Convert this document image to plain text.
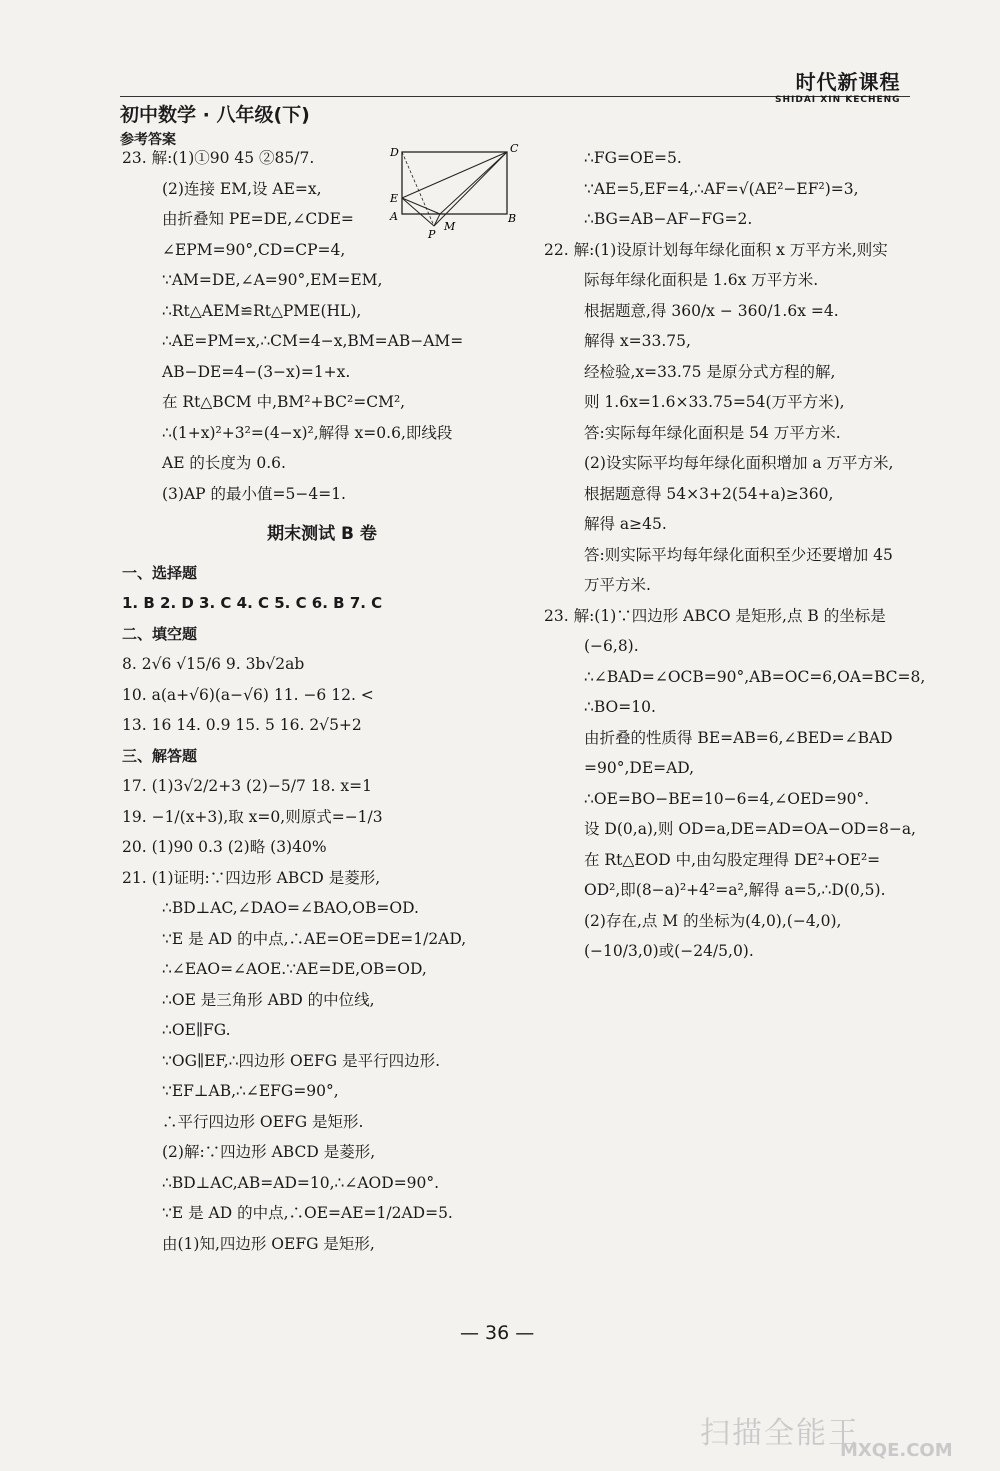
初中数学 · 八年级(下)
参考答案
时代新课程
SHIDAI XIN KECHENG
D	C
E
A
P
M
B
23. 解:(1)①90 45 ②85/7.
(2)连接 EM,设 AE=x,
由折叠知 PE=DE,∠CDE=
∠EPM=90°,CD=CP=4,
∵AM=DE,∠A=90°,EM=EM,
∴Rt△AEM≌Rt△PME(HL),
∴AE=PM=x,∴CM=4−x,BM=AB−AM=
AB−DE=4−(3−x)=1+x.
在 Rt△BCM 中,BM²+BC²=CM²,
∴(1+x)²+3²=(4−x)²,解得 x=0.6,即线段
AE 的长度为 0.6.
(3)AP 的最小值=5−4=1.
期末测试 B 卷
一、选择题
1. B 2. D 3. C 4. C 5. C 6. B 7. C
二、填空题
8. 2√6 √15/6 9. 3b√2ab
10. a(a+√6)(a−√6) 11. −6 12. <
13. 16 14. 0.9 15. 5 16. 2√5+2
三、解答题
17. (1)3√2/2+3 (2)−5/7 18. x=1
19. −1/(x+3),取 x=0,则原式=−1/3
20. (1)90 0.3 (2)略 (3)40%
21. (1)证明:∵四边形 ABCD 是菱形,
∴BD⊥AC,∠DAO=∠BAO,OB=OD.
∵E 是 AD 的中点,∴AE=OE=DE=1/2AD,
∴∠EAO=∠AOE.∵AE=DE,OB=OD,
∴OE 是三角形 ABD 的中位线,
∴OE∥FG.
∵OG∥EF,∴四边形 OEFG 是平行四边形.
∵EF⊥AB,∴∠EFG=90°,
∴平行四边形 OEFG 是矩形.
(2)解:∵四边形 ABCD 是菱形,
∴BD⊥AC,AB=AD=10,∴∠AOD=90°.
∵E 是 AD 的中点,∴OE=AE=1/2AD=5.
由(1)知,四边形 OEFG 是矩形,
∴FG=OE=5.
∵AE=5,EF=4,∴AF=√(AE²−EF²)=3,
∴BG=AB−AF−FG=2.
22. 解:(1)设原计划每年绿化面积 x 万平方米,则实
际每年绿化面积是 1.6x 万平方米.
根据题意,得 360/x − 360/1.6x =4.
解得 x=33.75,
经检验,x=33.75 是原分式方程的解,
则 1.6x=1.6×33.75=54(万平方米),
答:实际每年绿化面积是 54 万平方米.
(2)设实际平均每年绿化面积增加 a 万平方米,
根据题意得 54×3+2(54+a)≥360,
解得 a≥45.
答:则实际平均每年绿化面积至少还要增加 45
万平方米.
23. 解:(1)∵四边形 ABCO 是矩形,点 B 的坐标是
(−6,8).
∴∠BAD=∠OCB=90°,AB=OC=6,OA=BC=8,
∴BO=10.
由折叠的性质得 BE=AB=6,∠BED=∠BAD
=90°,DE=AD,
∴OE=BO−BE=10−6=4,∠OED=90°.
设 D(0,a),则 OD=a,DE=AD=OA−OD=8−a,
在 Rt△EOD 中,由勾股定理得 DE²+OE²=
OD²,即(8−a)²+4²=a²,解得 a=5,∴D(0,5).
(2)存在,点 M 的坐标为(4,0),(−4,0),
(−10/3,0)或(−24/5,0).
— 36 —
扫描全能王
MXQE.COM
